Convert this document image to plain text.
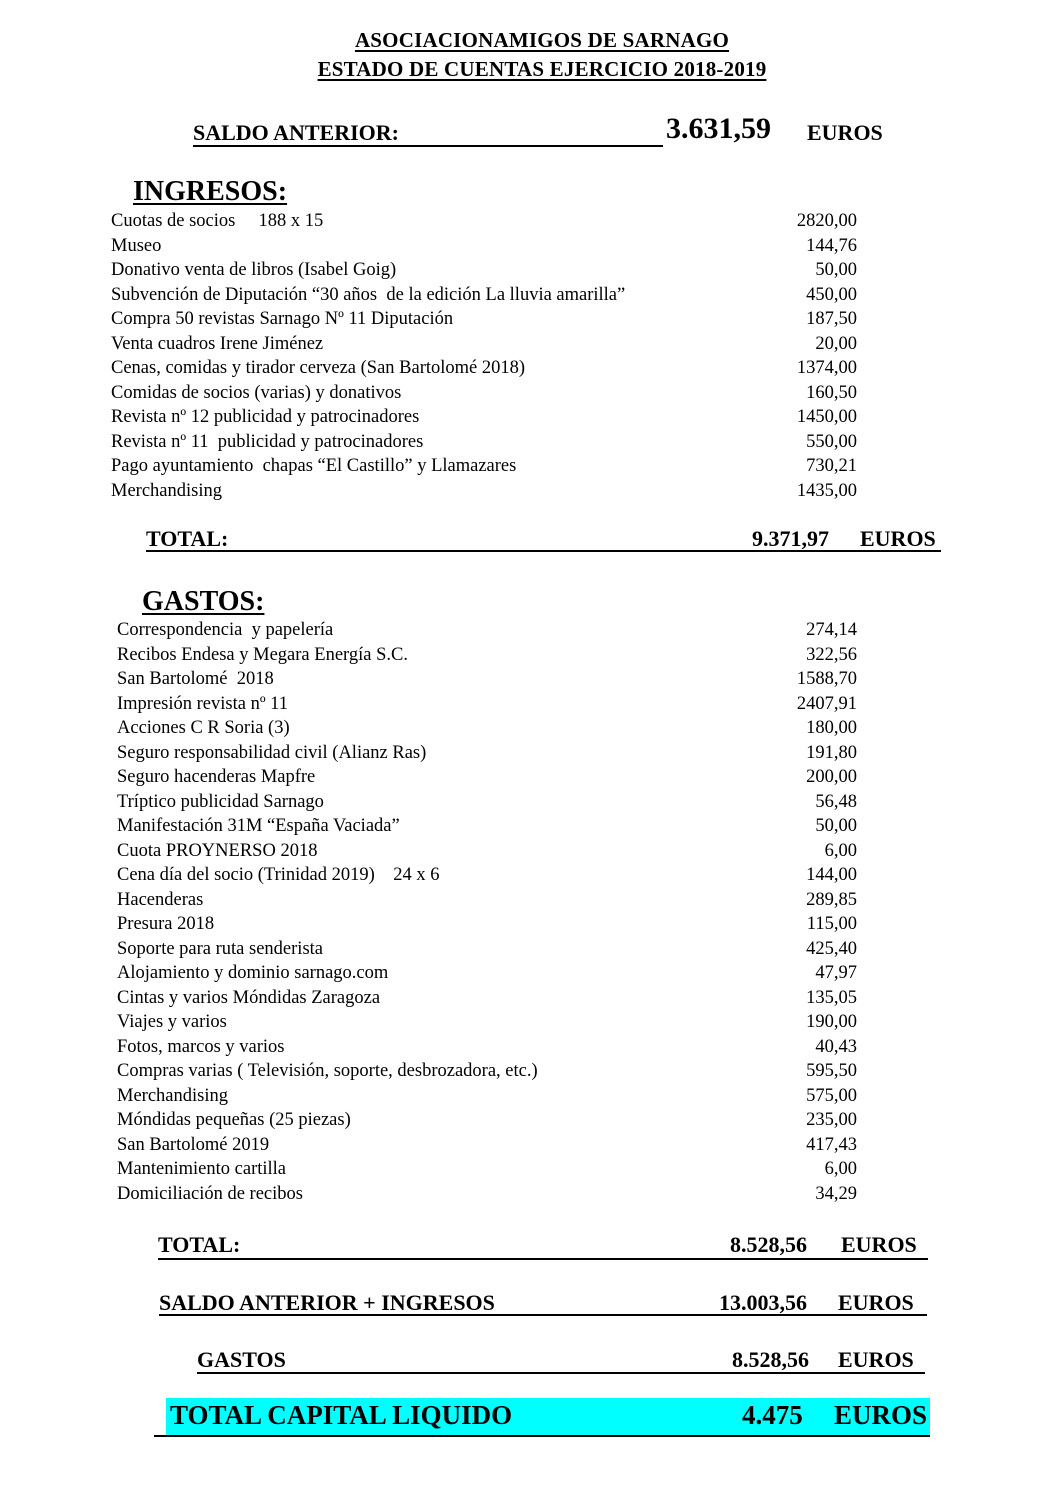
ASOCIACIONAMIGOS DE SARNAGO
ESTADO DE CUENTAS EJERCICIO 2018-2019
SALDO ANTERIOR:	3.631,59 EUROS
INGRESOS:
Cuotas de socios     188 x 15	2820,00
Museo	144,76
Donativo venta de libros (Isabel Goig)	50,00
Subvención de Diputación “30 años  de la edición La lluvia amarilla”	450,00
Compra 50 revistas Sarnago Nº 11 Diputación	187,50
Venta cuadros Irene Jiménez	20,00
Cenas, comidas y tirador cerveza (San Bartolomé 2018)	1374,00
Comidas de socios (varias) y donativos	160,50
Revista nº 12 publicidad y patrocinadores	1450,00
Revista nº 11  publicidad y patrocinadores	550,00
Pago ayuntamiento  chapas “El Castillo” y Llamazares	730,21
Merchandising	1435,00
TOTAL:	9.371,97 EUROS
GASTOS:
Correspondencia  y papelería	274,14
Recibos Endesa y Megara Energía S.C.	322,56
San Bartolomé  2018	1588,70
Impresión revista nº 11	2407,91
Acciones C R Soria (3)	180,00
Seguro responsabilidad civil (Alianz Ras)	191,80
Seguro hacenderas Mapfre	200,00
Tríptico publicidad Sarnago	56,48
Manifestación 31M “España Vaciada”	50,00
Cuota PROYNERSO 2018	6,00
Cena día del socio (Trinidad 2019)    24 x 6	144,00
Hacenderas	289,85
Presura 2018	115,00
Soporte para ruta senderista	425,40
Alojamiento y dominio sarnago.com	47,97
Cintas y varios Móndidas Zaragoza	135,05
Viajes y varios	190,00
Fotos, marcos y varios	40,43
Compras varias ( Televisión, soporte, desbrozadora, etc.)	595,50
Merchandising	575,00
Móndidas pequeñas (25 piezas)	235,00
San Bartolomé 2019	417,43
Mantenimiento cartilla	6,00
Domiciliación de recibos	34,29
TOTAL:	8.528,56 EUROS
SALDO ANTERIOR + INGRESOS	13.003,56 EUROS
GASTOS	8.528,56 EUROS
TOTAL CAPITAL LIQUIDO	4.475 EUROS
